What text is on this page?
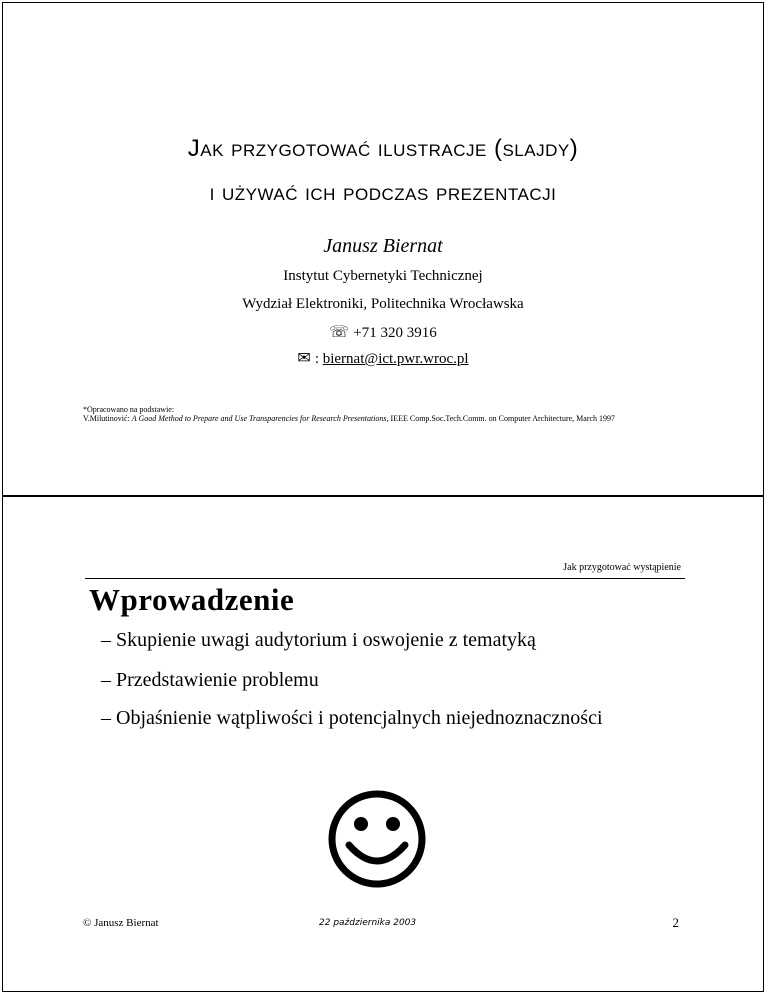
Jak przygotować ilustracje (slajdy)
i używać ich podczas prezentacji
Janusz Biernat
Instytut Cybernetyki Technicznej
Wydział Elektroniki, Politechnika Wrocławska
☏ +71 320 3916
✉ : biernat@ict.pwr.wroc.pl
*Opracowano na podstawie:
V.Milutinović: A Good Method to Prepare and Use Transparencies for Research Presentations, IEEE Comp.Soc.Tech.Comm. on Computer Architecture, March 1997
Jak przygotować wystąpienie
Wprowadzenie
– Skupienie uwagi audytorium i oswojenie z tematyką
– Przedstawienie problemu
– Objaśnienie wątpliwości i potencjalnych niejednoznaczności
© Janusz Biernat	22 października 2003	2
